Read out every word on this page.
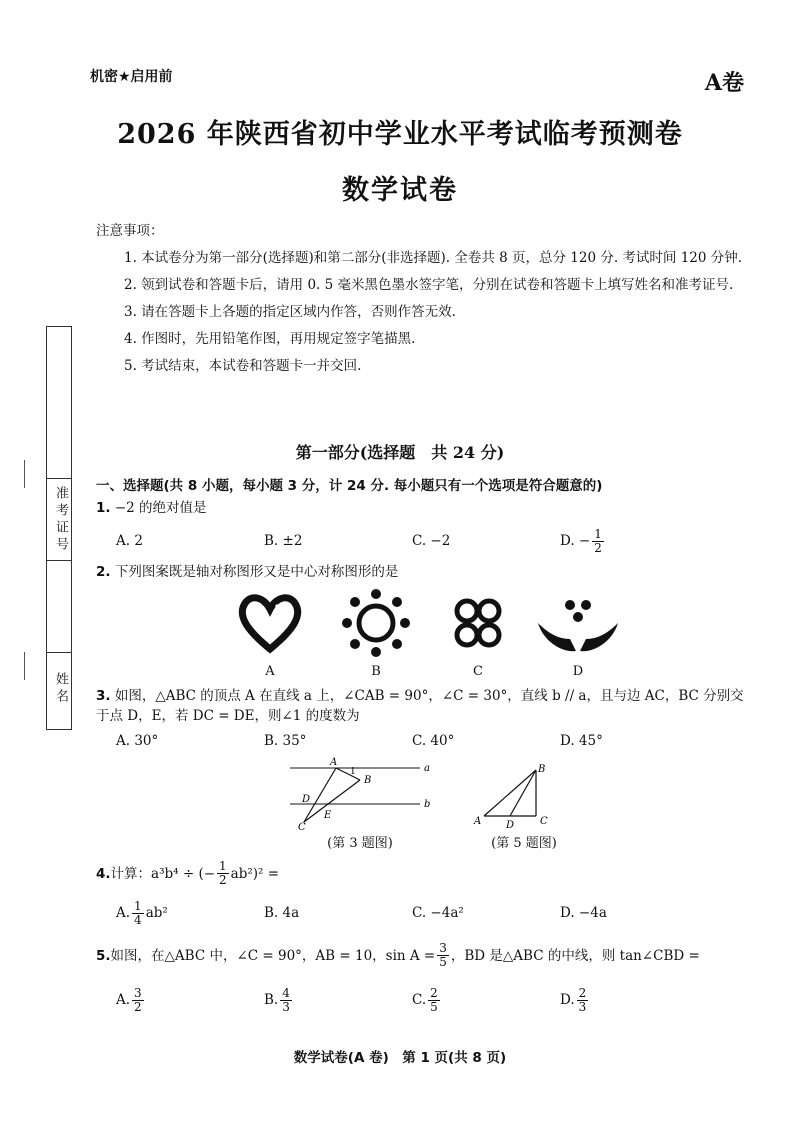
机密★启用前	A卷
2026 年陕西省初中学业水平考试临考预测卷
数学试卷
注意事项：
1. 本试卷分为第一部分(选择题)和第二部分(非选择题). 全卷共 8 页，总分 120 分. 考试时间 120 分钟.
2. 领到试卷和答题卡后，请用 0. 5 毫米黑色墨水签字笔，分别在试卷和答题卡上填写姓名和准考证号.
3. 请在答题卡上各题的指定区域内作答，否则作答无效.
4. 作图时，先用铅笔作图，再用规定签字笔描黑.
5. 考试结束，本试卷和答题卡一并交回.
准考证号
姓名
第一部分(选择题　共 24 分)
一、选择题(共 8 小题，每小题 3 分，计 24 分. 每小题只有一个选项是符合题意的)
1. −2 的绝对值是
A. 2	B. ±2	C. −2	D. − $\frac{1}{2}$
2. 下列图案既是轴对称图形又是中心对称图形的是
A	B	C	D
3. 如图，△ABC 的顶点 A 在直线 a 上，∠CAB = 90°，∠C = 30°，直线 b // a，且与边 AC，BC 分别交于点 D，E，若 DC = DE，则∠1 的度数为
A. 30°	B. 35°	C. 40°	D. 45°
A
B
C
D
E
1	a
b
(第 3 题图)
A
B
C
D
(第 5 题图)
4. 计算：a³b⁴ ÷ (− $\frac{1}{2} ab^2)^2$ =
A. $\frac{1}{4} ab^2$	B. 4a	C. −4a²	D. −4a
5. 如图，在△ABC 中，∠C = 90°，AB = 10，$\sin A = \frac{3}{5}$ ，BD 是△ABC 的中线，则 tan∠CBD =
A. $\frac{3}{2}$	B. $\frac{4}{3}$	C. $\frac{2}{5}$	D. $\frac{2}{3}$
数学试卷(A 卷)　第 1 页(共 8 页)
